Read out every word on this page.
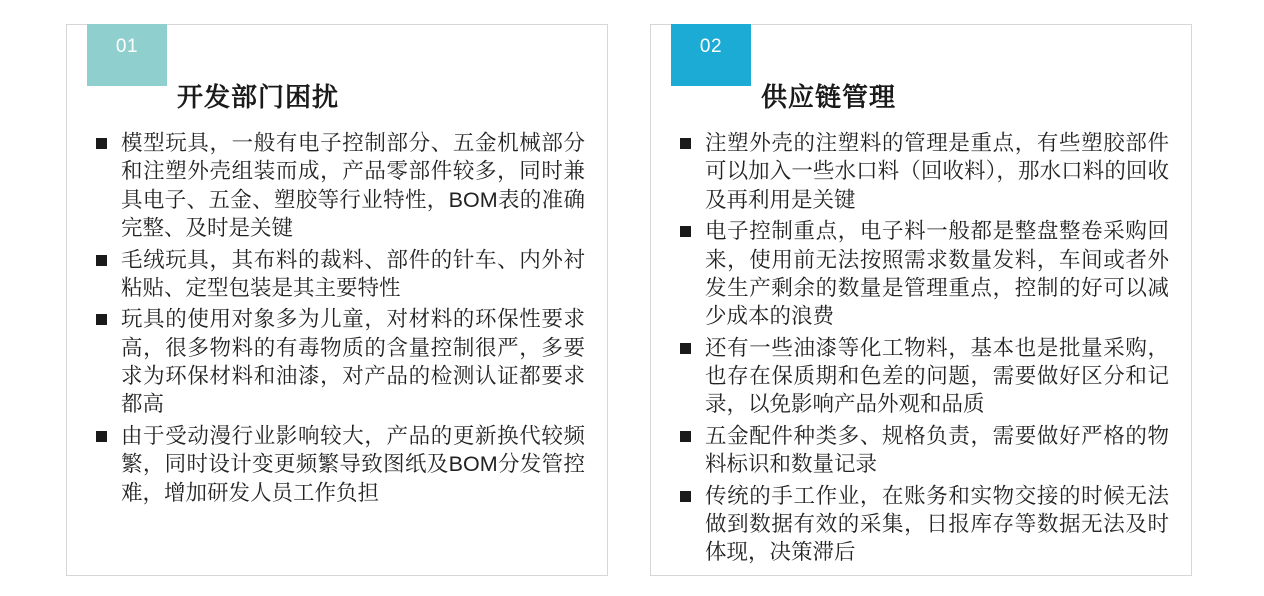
01
开发部门困扰
模型玩具，一般有电子控制部分、五金机械部分和注塑外壳组装而成，产品零部件较多，同时兼具电子、五金、塑胶等行业特性，BOM表的准确完整、及时是关键
毛绒玩具，其布料的裁料、部件的针车、内外衬粘贴、定型包装是其主要特性
玩具的使用对象多为儿童，对材料的环保性要求高，很多物料的有毒物质的含量控制很严，多要求为环保材料和油漆，对产品的检测认证都要求都高
由于受动漫行业影响较大，产品的更新换代较频繁，同时设计变更频繁导致图纸及BOM分发管控难，增加研发人员工作负担
02
供应链管理
注塑外壳的注塑料的管理是重点，有些塑胶部件可以加入一些水口料（回收料），那水口料的回收及再利用是关键
电子控制重点，电子料一般都是整盘整卷采购回来，使用前无法按照需求数量发料，车间或者外发生产剩余的数量是管理重点，控制的好可以减少成本的浪费
还有一些油漆等化工物料，基本也是批量采购，也存在保质期和色差的问题，需要做好区分和记录，以免影响产品外观和品质
五金配件种类多、规格负责，需要做好严格的物料标识和数量记录
传统的手工作业，在账务和实物交接的时候无法做到数据有效的采集，日报库存等数据无法及时体现，决策滞后
